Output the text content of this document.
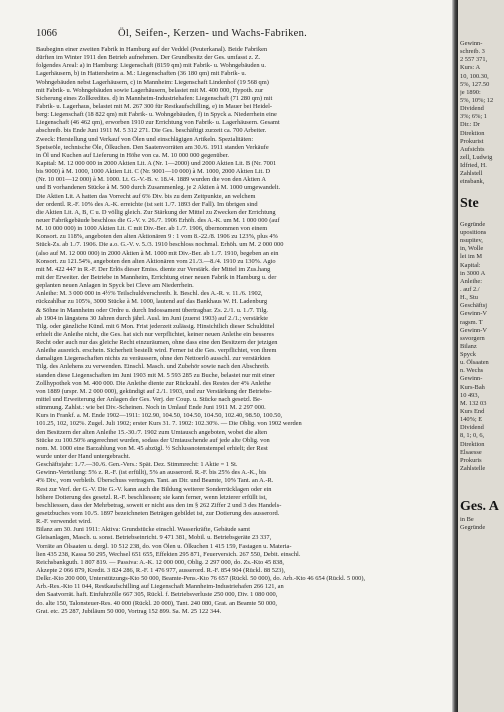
1066	Öl, Seifen-, Kerzen- und Wachs-Fabriken.
Baubeginn einer zweiten Fabrik in Hamburg auf der Veddel (Peuterkanal). Beide Fabriken
dürften im Winter 1911 den Betrieb aufnehmen. Der Grundbesitz der Ges. umfasst z. Z.
folgendes Areal: a) in Hamburg: Liegenschaft (8159 qm) mit Fabrik- u. Wohngebäuden u.
Lagerhäusern, b) in Hattersheim a. M.: Liegenschaften (36 180 qm) mit Fabrik- u.
Wohngebäuden nebst Lagerhäusern, c) in Mannheim: Liegenschaft Lindenhof (19 568 qm)
mit Fabrik- u. Wohngebäuden sowie Lagerhäusern, belastet mit M. 400 000, Hypoth. zur
Sicherung eines Zollkredites. d) in Mannheim-Industriehafen: Liegenschaft (71 280 qm) mit
Fabrik- u. Lagerhaus, belastet mit M. 267 300 für Restkaufschilling, e) in Mauer bei Heidel-
berg: Liegenschaft (18 822 qm) mit Fabrik- u. Wohngebäuden, f) in Spyck a. Niederrhein eine
Liegenschaft (46 462 qm), erworben 1910 zur Errichtung von Fabrik- u. Lagerhäusern. Gesamt
abschreib. bis Ende Juni 1911 M. 5 312 271. Die Ges. beschäftigt zurzeit ca. 700 Arbeiter.
Zweck: Herstellung und Verkauf von Ölen und einschlägigen Artikeln. Spezialitäten:
Speiseöle, technische Öle, Ölkuchen. Den Saatenvorräten am 30./6. 1911 standen Verkäufe
in Öl und Kuchen auf Lieferung in Höhe von ca. M. 10 000 000 gegenüber.
Kapital: M. 12 000 000 in 2000 Aktien Lit. A (Nr. 1—2000) und 2000 Aktien Lit. B (Nr. 7001
bis 9000) à M. 1000, 1000 Aktien Lit. C (Nr. 9001—10 000) à M. 1000, 2000 Aktien Lit. D
(Nr. 10 001—12 000) à M. 1000. Lt. G.-V.-B. v. 18./4. 1889 wurden die von den Aktien A
und B vorhandenen Stücke à M. 500 durch Zusammenleg. je 2 Aktien à M. 1000 umgewandelt.
Die Aktien Lit. A hatten das Vorrecht auf 6% Div. bis zu dem Zeitpunkte, an welchem
der ordentl. R.-F. 10% des A.-K. erreichte (ist seit 1./7. 1893 der Fall). Im übrigen sind
die Aktien Lit. A, B, C u. D völlig gleich. Zur Stärkung der Mittel zu Zwecken der Errichtung
neuer Fabrikgebäude beschloss die G.-V. v. 26./7. 1906 Erhöh. des A.-K. um M. 1 000 000 (auf
M. 10 000 000) in 1000 Aktien Lit. C mit Div.-Ber. ab 1./7. 1906, übernommen von einem
Konsort. zu 118%, angeboten den alten Aktionären 9 : 1 vom 8.-22./8. 1906 zu 123%, plus 4%
Stück-Zs. ab 1./7. 1906. Die a.o. G.-V. v. 5./3. 1910 beschloss nochmal. Erhöh. um M. 2 000 000
(also auf M. 12 000 000) in 2000 Aktien à M. 1000 mit Div.-Ber. ab 1./7. 1910, begeben an ein
Konsort. zu 121.54%, angeboten den alten Aktionären vom 21./3.—8./4. 1910 zu 130%. Agio
mit M. 422 447 in R.-F. Der Erlös dieser Emiss. diente zur Verstärk. der Mittel im Zus.hang
mit der Erweiter. der Betriebe in Mannheim, Errichtung einer neuen Fabrik in Hamburg u. der
geplanten neuen Anlagen in Spyck bei Cleve am Niederrhein.
Anleihe: M. 3 000 000 in 4½% Teilschuldverschreib. lt. Beschl. des A.-R. v. 11./6. 1902,
rückzahlbar zu 105%, 3000 Stücke à M. 1000, lautend auf das Bankhaus W. H. Ladenburg
& Söhne in Mannheim oder Ordre u. durch Indossament übertragbar. Zs. 2./1. u. 1./7. Tilg.
ab 1904 in längstens 30 Jahren durch jährl. Ausl. im Juni (zuerst 1903) auf 2./1.; verstärkte
Tilg. oder gänzliche Künd. mit 6 Mon. Frist jederzeit zulässig. Hinsichtlich dieser Schuldtitel
erhielt die Anleihe nicht, die Ges. hat sich nur verpflichtet, keiner neuen Anleihe ein besseres
Recht oder auch nur das gleiche Recht einzuräumen, ohne dass eine den Besitzern der jetzigen
Anleihe ausreich. erschein. Sicherheit bestellt wird. Ferner ist die Ges. verpflichtet, von ihrem
damaligen Liegenschaften nichts zu veräussern, ohne den Nettoerlö ausschl. zur verstärkten
Tilg. des Anlehens zu verwenden. Einschl. Masch. und Zubehör sowie nach den Abschreib.
standen diese Liegenschaften im Juni 1903 mit M. 5 593 285 zu Buche, belastet nur mit einer
Zollhypothek von M. 400 000. Die Anleihe diente zur Rückzahl. des Restes der 4% Anleihe
von 1889 (urspr. M. 2 000 000), gekündigt auf 2./1. 1903, und zur Verstärkung der Betriebs-
mittel und Erweiterung der Anlagen der Ges. Verj. der Coup. u. Stücke nach gesetzl. Be-
stimmung. Zahlst.: wie bei Div.-Scheinen. Noch in Umlauf Ende Juni 1911 M. 2 297 000.
Kurs in Frankf. a. M. Ende 1902—1911: 102.90, 104.50, 104.50, 104.50, 102.40, 98.50, 100.50,
101.25, 102, 102%. Zugel. Juli 1902; erster Kurs 31. 7. 1902: 102.30%. — Die Oblig. von 1902 werden
den Besitzern der alten Anleihe 15.-30./7. 1902 zum Umtausch angeboten, wobei die alten
Stücke zu 100.50% angerechnet wurden, sodass der Umtauschende auf jede alte Oblig. von
nom. M. 1000 eine Barzahlung von M. 45 abzügl. ½ Schlussnotenstempel erhielt; der Rest
wurde unter der Hand untergebracht.
Geschäftsjahr: 1./7.—30./6. Gen.-Vers.: Spät. Dez. Stimmrecht: 1 Aktie = 1 St.
Gewinn-Verteilung: 5% z. R.-F. (ist erfüllt), 5% an ausserord. R.-F. bis 25% des A.-K., bis
4% Div., vom verbleib. Überschuss vertragsm. Tant. an Dir. und Beamte, 10% Tant. an A.-R.
Rest zur Verf. der G.-V. Die G.-V. kann auch die Bildung weiterer Sonderrücklagen oder ein
höhere Dotierung des gesetzl. R.-F. beschliessen; sie kann ferner, wenn letzterer erfüllt ist,
beschliessen, dass der Mehrbetrag, soweit er nicht aus den im § 262 Ziffer 2 und 3 des Handels-
gesetzbuches vom 10./5. 1897 bezeichneten Beträgen gebildet ist, zur Dotierung des ausserord.
R.-F. verwendet wird.
Bilanz am 30. Juni 1911: Aktiva: Grundstücke einschl. Wasserkräfte, Gebäude samt
Gleisanlagen, Masch. u. sonst. Betriebseinricht. 9 471 381, Mobil. u. Betriebsgeräte 23 337,
Vorräte an Ölsaaten u. dergl. 10 512 238, do. von Ölen u. Ölkuchen 1 415 159, Fastagen u. Materia-
lien 435 238, Kassa 50 295, Wechsel 651 655, Effekten 295 871, Feuerversich. 267 550, Debit. einschl.
Reichsbankguth. 1 807 819. — Passiva: A.-K. 12 000 000, Oblig. 2 297 000, do. Zs.-Kto 45 838,
Akzepte 2 066 879, Kredit. 3 824 286, R.-F. 1 476 977, ausserord. R.-F. 854 904 (Rückl. 88 523),
Delkr.-Kto 200 000, Unterstützungs-Kto 50 000, Beamte-Pens.-Kto 76 657 (Rückl. 50 000), do. Arb.-Kto 46 654 (Rückl. 5 000),
Arb.-Res.-Kto 11 044, Restkaufschilling auf Liegenschaft Mannheim-Industriehafen 266 121, an
den Saatvorrät. haft. Einfuhrzölle 667 305, Rückl. f. Betriebsverluste 250 000, Div. 1 080 000,
do. alte 150, Talonsteuer-Res. 40 000 (Rückl. 20 000), Tant. 240 080, Grat. an Beamte 50 000,
Grat. etc. 25 287, Jubiläum 50 000, Vortrag 152 899. Sa. M. 25 122 344.
Gewinn-
schreib. 3
2 557 371,
Kurs: A
10, 100.30,
5%, 127.50
je 1890:
5%, 10%; 12
Dividend
3%; 6%; 1
Dir.: Dr
Direktion
Prokurist
Aufsichts
zell, Ludwig
Idfried, H.
Zahlstell
einsbank,
Ste
Gegründe
upositions
nsupitev,
in, Wolle
lei im M
Kapital:
in 3000 A
Anleihe:
. auf 2./
H., Stu
Geschäftsj
Gewinn-V
ragsm. T
Gewinn-V
ssvorgern
Bilanz
Spyck
u. Ölsaaten
n. Wechs
Gewinn-
Kurs-Bah
10 493,
M. 132 03
Kurs End
140%; E
Dividend
8, 1; 0, 6,
Direktion
Elsaesse
Prokuris
Zahlstelle
Ges. A
in Be
Gegründe
